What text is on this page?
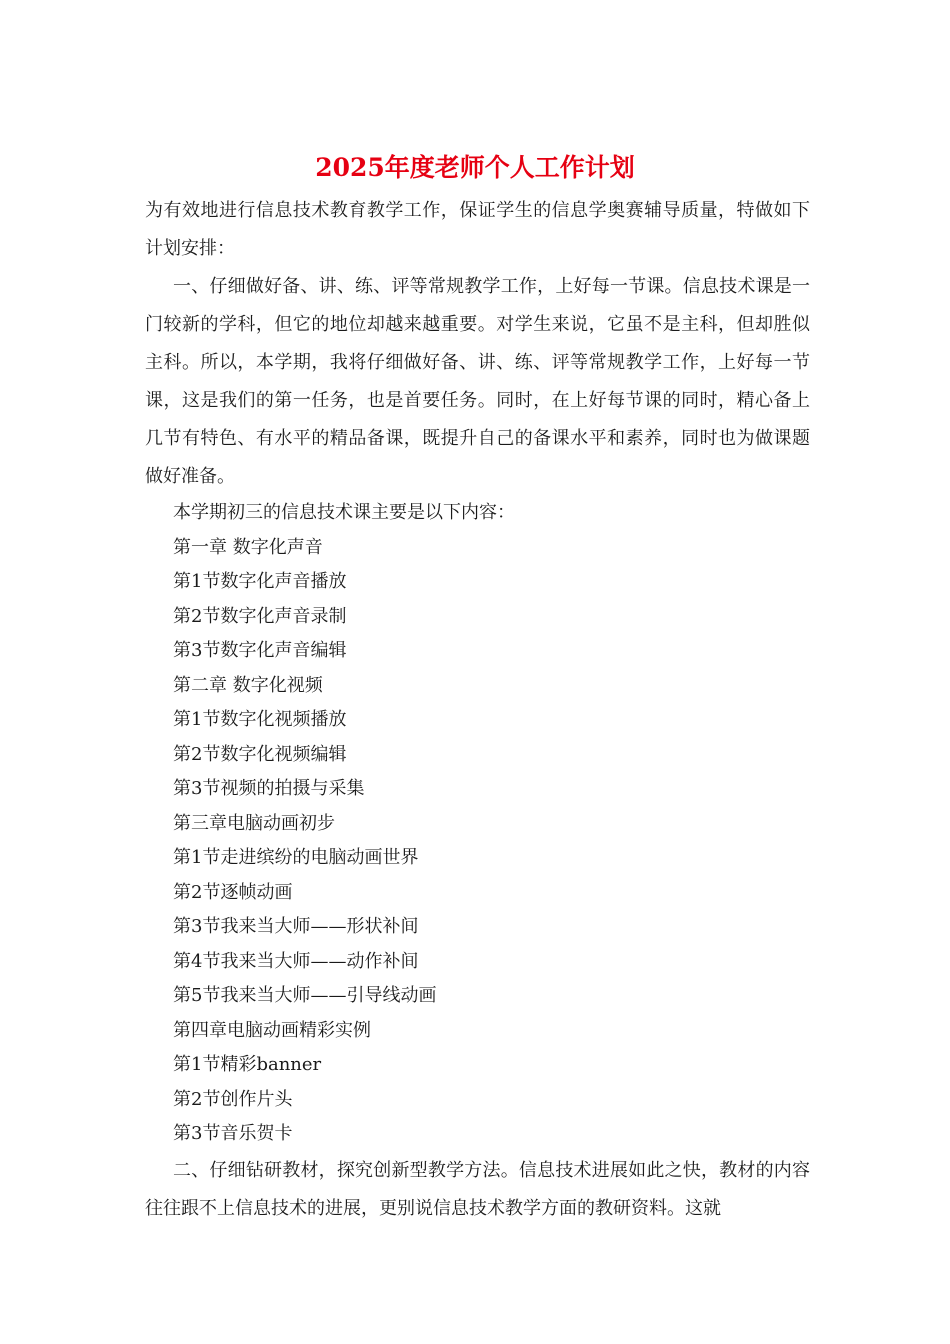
2025年度老师个人工作计划

为有效地进行信息技术教育教学工作，保证学生的信息学奥赛辅导质量，特做如下计划安排：

一、仔细做好备、讲、练、评等常规教学工作，上好每一节课。信息技术课是一门较新的学科，但它的地位却越来越重要。对学生来说，它虽不是主科，但却胜似主科。所以，本学期，我将仔细做好备、讲、练、评等常规教学工作，上好每一节课，这是我们的第一任务，也是首要任务。同时，在上好每节课的同时，精心备上几节有特色、有水平的精品备课，既提升自己的备课水平和素养，同时也为做课题做好准备。

本学期初三的信息技术课主要是以下内容：

第一章 数字化声音

第1节数字化声音播放

第2节数字化声音录制

第3节数字化声音编辑

第二章 数字化视频

第1节数字化视频播放

第2节数字化视频编辑

第3节视频的拍摄与采集

第三章电脑动画初步

第1节走进缤纷的电脑动画世界

第2节逐帧动画

第3节我来当大师——形状补间

第4节我来当大师——动作补间

第5节我来当大师——引导线动画

第四章电脑动画精彩实例

第1节精彩banner

第2节创作片头

第3节音乐贺卡

二、仔细钻研教材，探究创新型教学方法。信息技术进展如此之快，教材的内容往往跟不上信息技术的进展，更别说信息技术教学方面的教研资料。这就
